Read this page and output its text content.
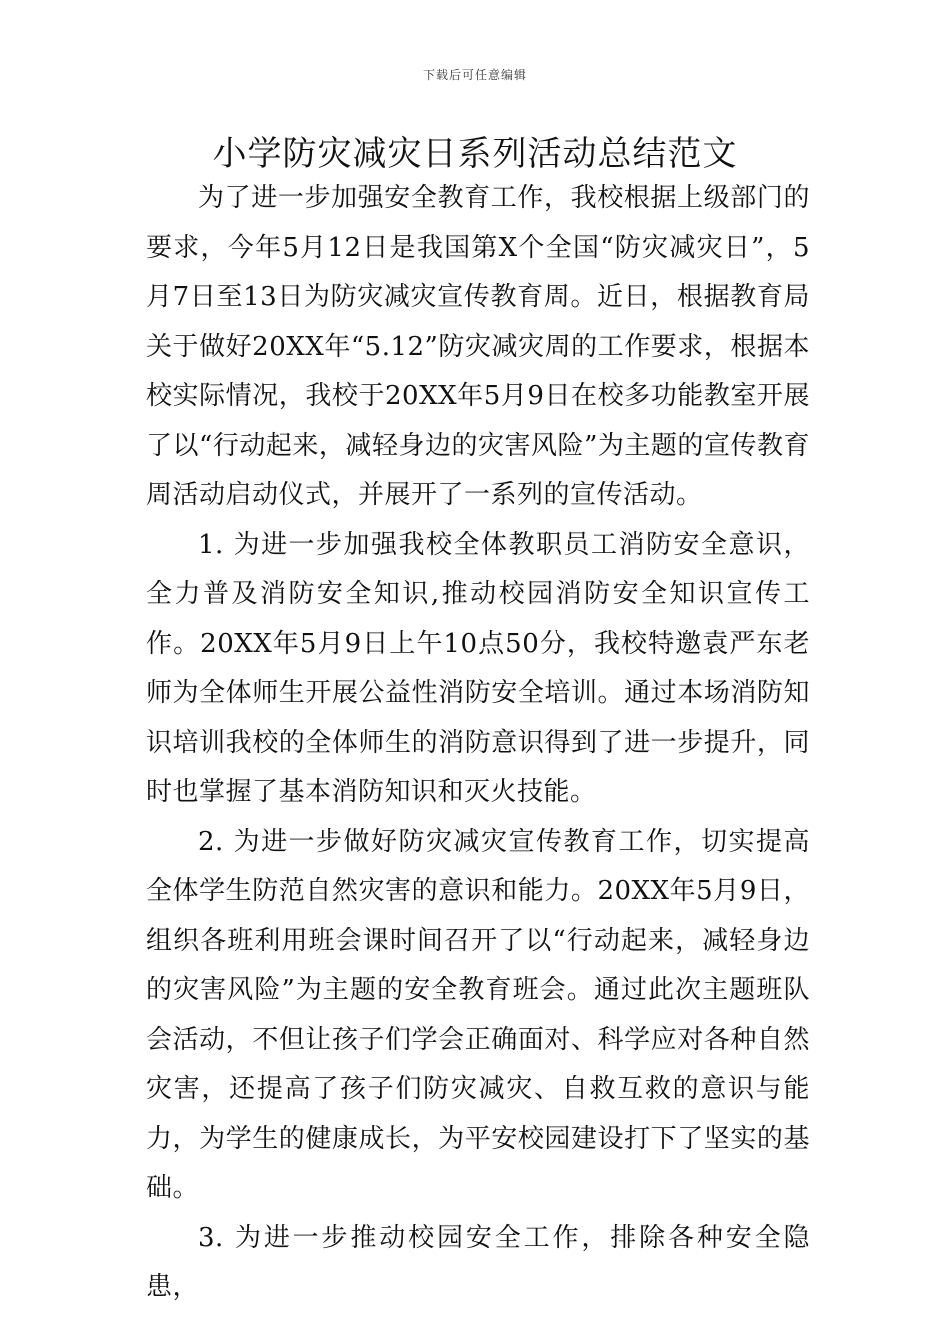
下载后可任意编辑
小学防灾减灾日系列活动总结范文

为了进一步加强安全教育工作，我校根据上级部门的要求，今年5月12日是我国第X个全国“防灾减灾日”，5月7日至13日为防灾减灾宣传教育周。近日，根据教育局关于做好20XX年“5.12”防灾减灾周的工作要求，根据本校实际情况，我校于20XX年5月9日在校多功能教室开展了以“行动起来，减轻身边的灾害风险”为主题的宣传教育周活动启动仪式，并展开了一系列的宣传活动。

1. 为进一步加强我校全体教职员工消防安全意识，全力普及消防安全知识,推动校园消防安全知识宣传工作。20XX年5月9日上午10点50分，我校特邀袁严东老师为全体师生开展公益性消防安全培训。通过本场消防知识培训我校的全体师生的消防意识得到了进一步提升，同时也掌握了基本消防知识和灭火技能。

2. 为进一步做好防灾减灾宣传教育工作，切实提高全体学生防范自然灾害的意识和能力。20XX年5月9日， 组织各班利用班会课时间召开了以“行动起来，减轻身边的灾害风险”为主题的安全教育班会。通过此次主题班队会活动，不但让孩子们学会正确面对、科学应对各种自然灾害，还提高了孩子们防灾减灾、自救互救的意识与能力，为学生的健康成长，为平安校园建设打下了坚实的基础。

3. 为进一步推动校园安全工作，排除各种安全隐患，
